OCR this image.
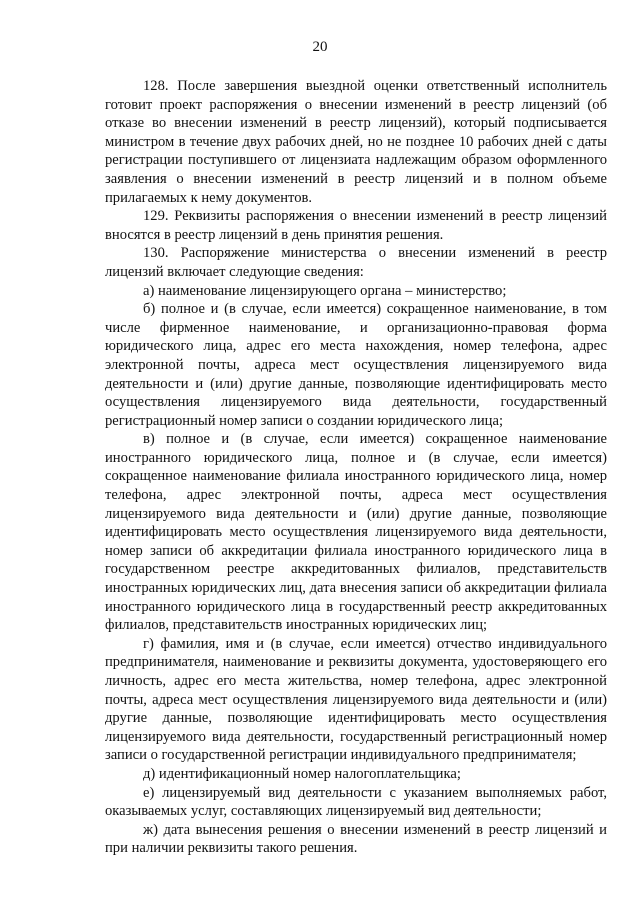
20

128. После завершения выездной оценки ответственный исполнитель готовит проект распоряжения о внесении изменений в реестр лицензий (об отказе во внесении изменений в реестр лицензий), который подписывается министром в течение двух рабочих дней, но не позднее 10 рабочих дней с даты регистрации поступившего от лицензиата надлежащим образом оформленного заявления о внесении изменений в реестр лицензий и в полном объеме прилагаемых к нему документов.

129. Реквизиты распоряжения о внесении изменений в реестр лицензий вносятся в реестр лицензий в день принятия решения.

130. Распоряжение министерства о внесении изменений в реестр лицензий включает следующие сведения:

а) наименование лицензирующего органа – министерство;

б) полное и (в случае, если имеется) сокращенное наименование, в том числе фирменное наименование, и организационно-правовая форма юридического лица, адрес его места нахождения, номер телефона, адрес электронной почты, адреса мест осуществления лицензируемого вида деятельности и (или) другие данные, позволяющие идентифицировать место осуществления лицензируемого вида деятельности, государственный регистрационный номер записи о создании юридического лица;

в) полное и (в случае, если имеется) сокращенное наименование иностранного юридического лица, полное и (в случае, если имеется) сокращенное наименование филиала иностранного юридического лица, номер телефона, адрес электронной почты, адреса мест осуществления лицензируемого вида деятельности и (или) другие данные, позволяющие идентифицировать место осуществления лицензируемого вида деятельности, номер записи об аккредитации филиала иностранного юридического лица в государственном реестре аккредитованных филиалов, представительств иностранных юридических лиц, дата внесения записи об аккредитации филиала иностранного юридического лица в государственный реестр аккредитованных филиалов, представительств иностранных юридических лиц;

г) фамилия, имя и (в случае, если имеется) отчество индивидуального предпринимателя, наименование и реквизиты документа, удостоверяющего его личность, адрес его места жительства, номер телефона, адрес электронной почты, адреса мест осуществления лицензируемого вида деятельности и (или) другие данные, позволяющие идентифицировать место осуществления лицензируемого вида деятельности, государственный регистрационный номер записи о государственной регистрации индивидуального предпринимателя;

д) идентификационный номер налогоплательщика;

е) лицензируемый вид деятельности с указанием выполняемых работ, оказываемых услуг, составляющих лицензируемый вид деятельности;

ж) дата вынесения решения о внесении изменений в реестр лицензий и при наличии реквизиты такого решения.
